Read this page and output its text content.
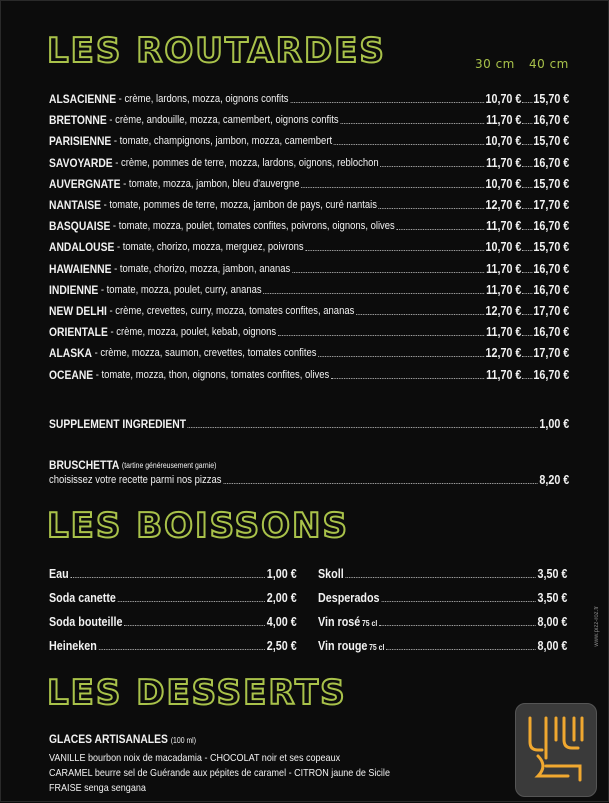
LES ROUTARDES	30 cm 40 cm
ALSACIENNE - crème, lardons, mozza, oignons confits	10,70 € 15,70 €
BRETONNE - crème, andouille, mozza, camembert, oignons confits	11,70 € 16,70 €
PARISIENNE - tomate, champignons, jambon, mozza, camembert	10,70 € 15,70 €
SAVOYARDE - crème, pommes de terre, mozza, lardons, oignons, reblochon	11,70 € 16,70 €
AUVERGNATE - tomate, mozza, jambon, bleu d'auvergne	10,70 € 15,70 €
NANTAISE - tomate, pommes de terre, mozza, jambon de pays, curé nantais	12,70 € 17,70 €
BASQUAISE - tomate, mozza, poulet, tomates confites, poivrons, oignons, olives	11,70 € 16,70 €
ANDALOUSE - tomate, chorizo, mozza, merguez, poivrons	10,70 € 15,70 €
HAWAIENNE - tomate, chorizo, mozza, jambon, ananas	11,70 € 16,70 €
INDIENNE - tomate, mozza, poulet, curry, ananas	11,70 € 16,70 €
NEW DELHI - crème, crevettes, curry, mozza, tomates confites, ananas	12,70 € 17,70 €
ORIENTALE - crème, mozza, poulet, kebab, oignons	11,70 € 16,70 €
ALASKA - crème, mozza, saumon, crevettes, tomates confites	12,70 € 17,70 €
OCEANE - tomate, mozza, thon, oignons, tomates confites, olives	11,70 € 16,70 €
SUPPLEMENT INGREDIENT	1,00 €
BRUSCHETTA (tartine généreusement garnie)
choisissez votre recette parmi nos pizzas	8,20 €
LES BOISSONS
Eau	1,00 €
Soda canette	2,00 €
Soda bouteille	4,00 €
Heineken	2,50 €
Skoll	3,50 €
Desperados	3,50 €
Vin rosé 75 cl	8,00 €
Vin rouge 75 cl	8,00 €
LES DESSERTS
GLACES ARTISANALES (100 ml)
VANILLE bourbon noix de macadamia - CHOCOLAT noir et ses copeaux
CARAMEL beurre sel de Guérande aux pépites de caramel - CITRON jaune de Sicile
FRAISE senga sengana
www.pizz-roz.fr
